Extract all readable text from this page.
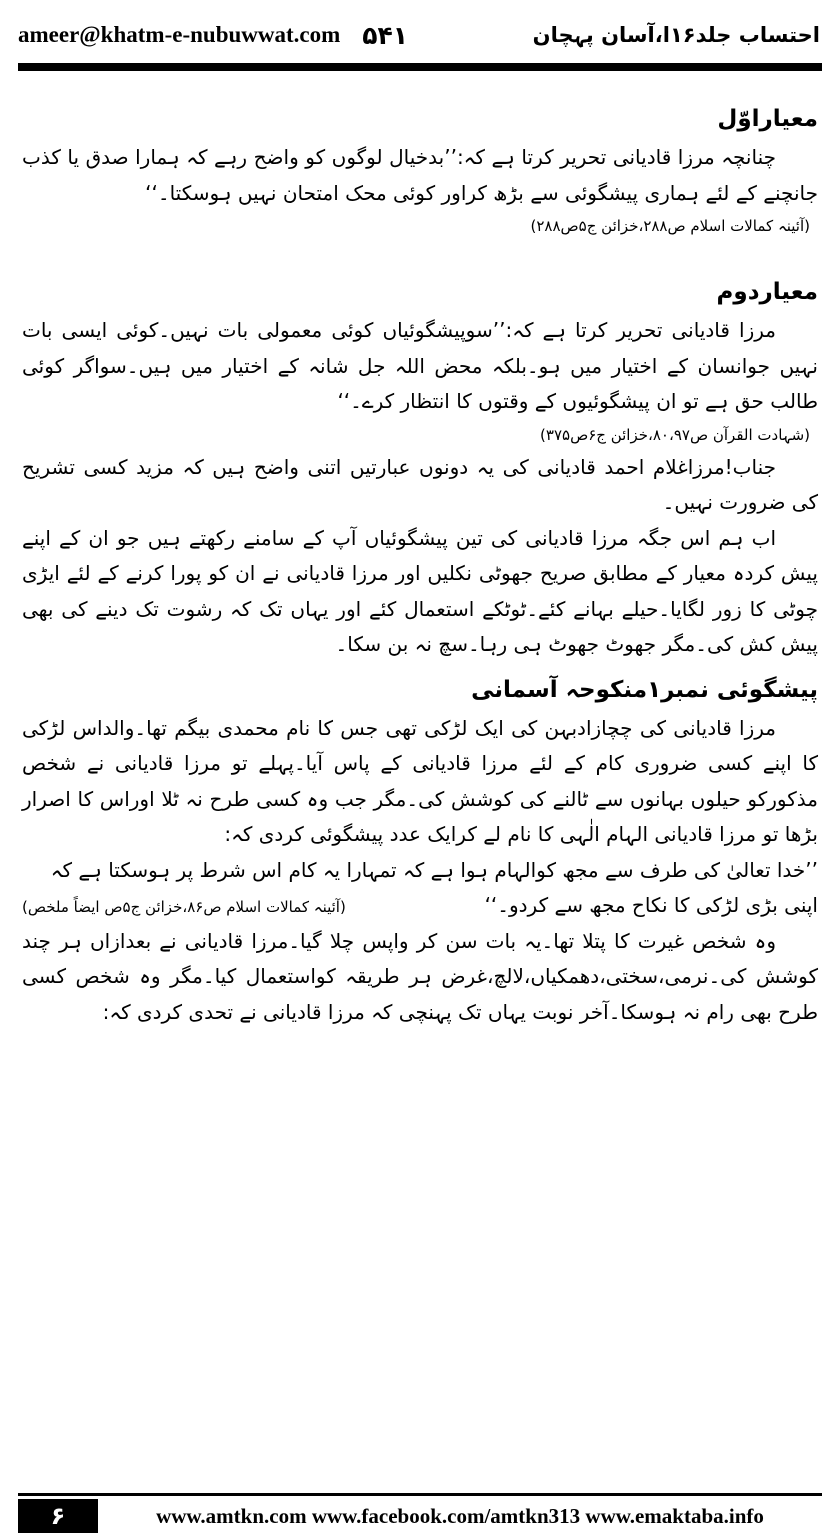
ameer@khatm-e-nubuwwat.com ۵۴۱	احتساب جلد۱۶ا،آسان پہچان

معیاراوّل

چنانچہ مرزا قادیانی تحریر کرتا ہے کہ:’’بدخیال لوگوں کو واضح رہے کہ ہمارا صدق یا کذب جانچنے کے لئے ہماری پیشگوئی سے بڑھ کراور کوئی محک امتحان نہیں ہوسکتا۔‘‘

(آئینہ کمالات اسلام ص۲۸۸،خزائن ج۵ص۲۸۸)

معیاردوم

مرزا قادیانی تحریر کرتا ہے کہ:’’سوپیشگوئیاں کوئی معمولی بات نہیں۔کوئی ایسی بات نہیں جوانسان کے اختیار میں ہو۔بلکہ محض اللہ جل شانہ کے اختیار میں ہیں۔سواگر کوئی طالب حق ہے تو ان پیشگوئیوں کے وقتوں کا انتظار کرے۔‘‘

(شہادت القرآن ص۸۰،۹۷،خزائن ج۶ص۳۷۵)

جناب!مرزاغلام احمد قادیانی کی یہ دونوں عبارتیں اتنی واضح ہیں کہ مزید کسی تشریح کی ضرورت نہیں۔

اب ہم اس جگہ مرزا قادیانی کی تین پیشگوئیاں آپ کے سامنے رکھتے ہیں جو ان کے اپنے پیش کردہ معیار کے مطابق صریح جھوٹی نکلیں اور مرزا قادیانی نے ان کو پورا کرنے کے لئے ایڑی چوٹی کا زور لگایا۔حیلے بہانے کئے۔ٹوٹکے استعمال کئے اور یہاں تک کہ رشوت تک دینے کی بھی پیش کش کی۔مگر جھوٹ جھوٹ ہی رہا۔سچ نہ بن سکا۔

پیشگوئی نمبر۱منکوحہ آسمانی

مرزا قادیانی کی چچازادبہن کی ایک لڑکی تھی جس کا نام محمدی بیگم تھا۔والداس لڑکی کا اپنے کسی ضروری کام کے لئے مرزا قادیانی کے پاس آیا۔پہلے تو مرزا قادیانی نے شخص مذکورکو حیلوں بہانوں سے ٹالنے کی کوشش کی۔مگر جب وہ کسی طرح نہ ٹلا اوراس کا اصرار بڑھا تو مرزا قادیانی الہام الٰہی کا نام لے کرایک عدد پیشگوئی کردی کہ:

’’خدا تعالیٰ کی طرف سے مجھ کوالہام ہوا ہے کہ تمہارا یہ کام اس شرط پر ہوسکتا ہے کہ

اپنی بڑی لڑکی کا نکاح مجھ سے کردو۔‘‘
(آئینہ کمالات اسلام ص۸۶،خزائن ج۵ص ایضاً ملخص)

وہ شخص غیرت کا پتلا تھا۔یہ بات سن کر واپس چلا گیا۔مرزا قادیانی نے بعدازاں ہر چند کوشش کی۔نرمی،سختی،دھمکیاں،لالچ،غرض ہر طریقہ کواستعمال کیا۔مگر وہ شخص کسی طرح بھی رام نہ ہوسکا۔آخر نوبت یہاں تک پہنچی کہ مرزا قادیانی نے تحدی کردی کہ:

۶	www.amtkn.com www.facebook.com/amtkn313 www.emaktaba.info
